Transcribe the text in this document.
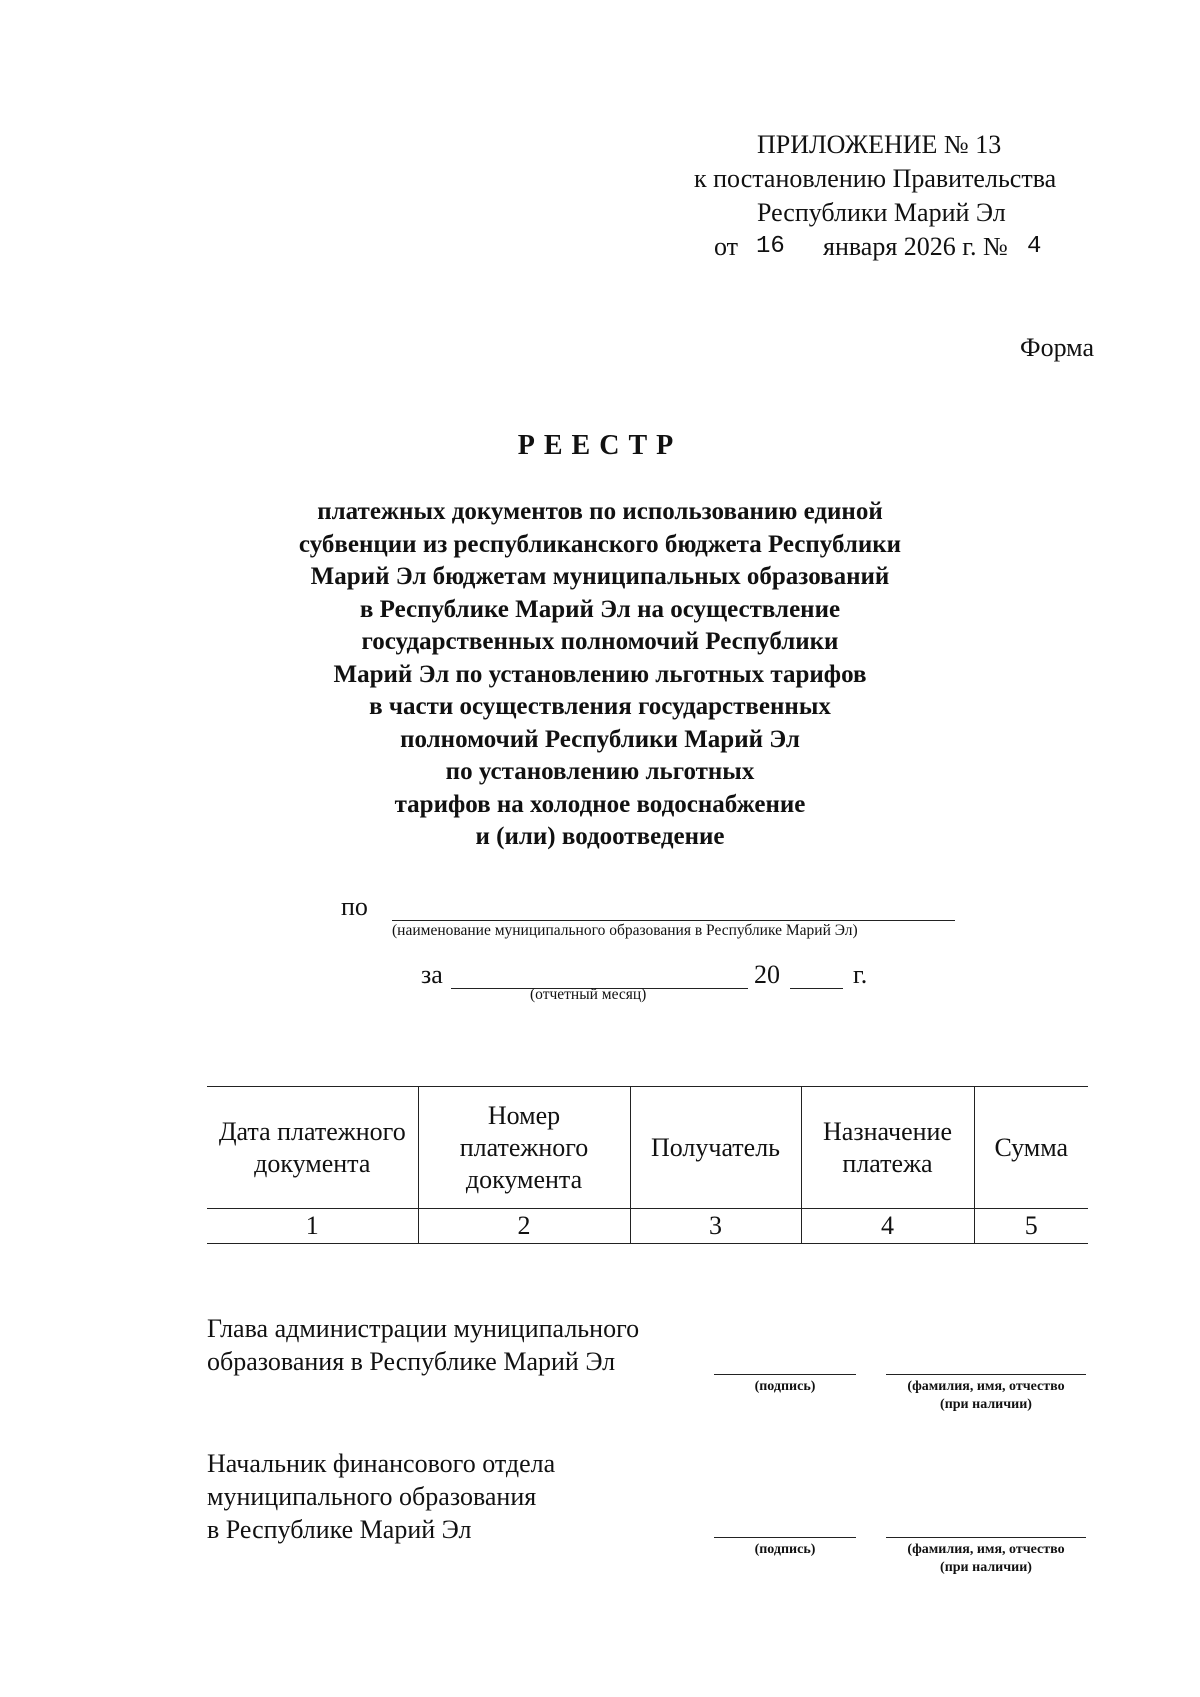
ПРИЛОЖЕНИЕ № 13
к постановлению Правительства
Республики Марий Эл
от 16 января 2026 г. № 4
Форма
РЕЕСТР
платежных документов по использованию единой
субвенции из республиканского бюджета Республики
Марий Эл бюджетам муниципальных образований
в Республике Марий Эл на осуществление
государственных полномочий Республики
Марий Эл по установлению льготных тарифов
в части осуществления государственных
полномочий Республики Марий Эл
по установлению льготных
тарифов на холодное водоснабжение
и (или) водоотведение
по
(наименование муниципального образования в Республике Марий Эл)
за
(отчетный месяц)
20	г.
Дата платежного документа	Номер платежного документа	Получатель	Назначение платежа	Сумма
1	2	3	4	5
Глава администрации муниципального
образования в Республике Марий Эл
(подпись)	(фамилия, имя, отчество
(при наличии)
Начальник финансового отдела
муниципального образования
в Республике Марий Эл
(подпись)	(фамилия, имя, отчество
(при наличии)
